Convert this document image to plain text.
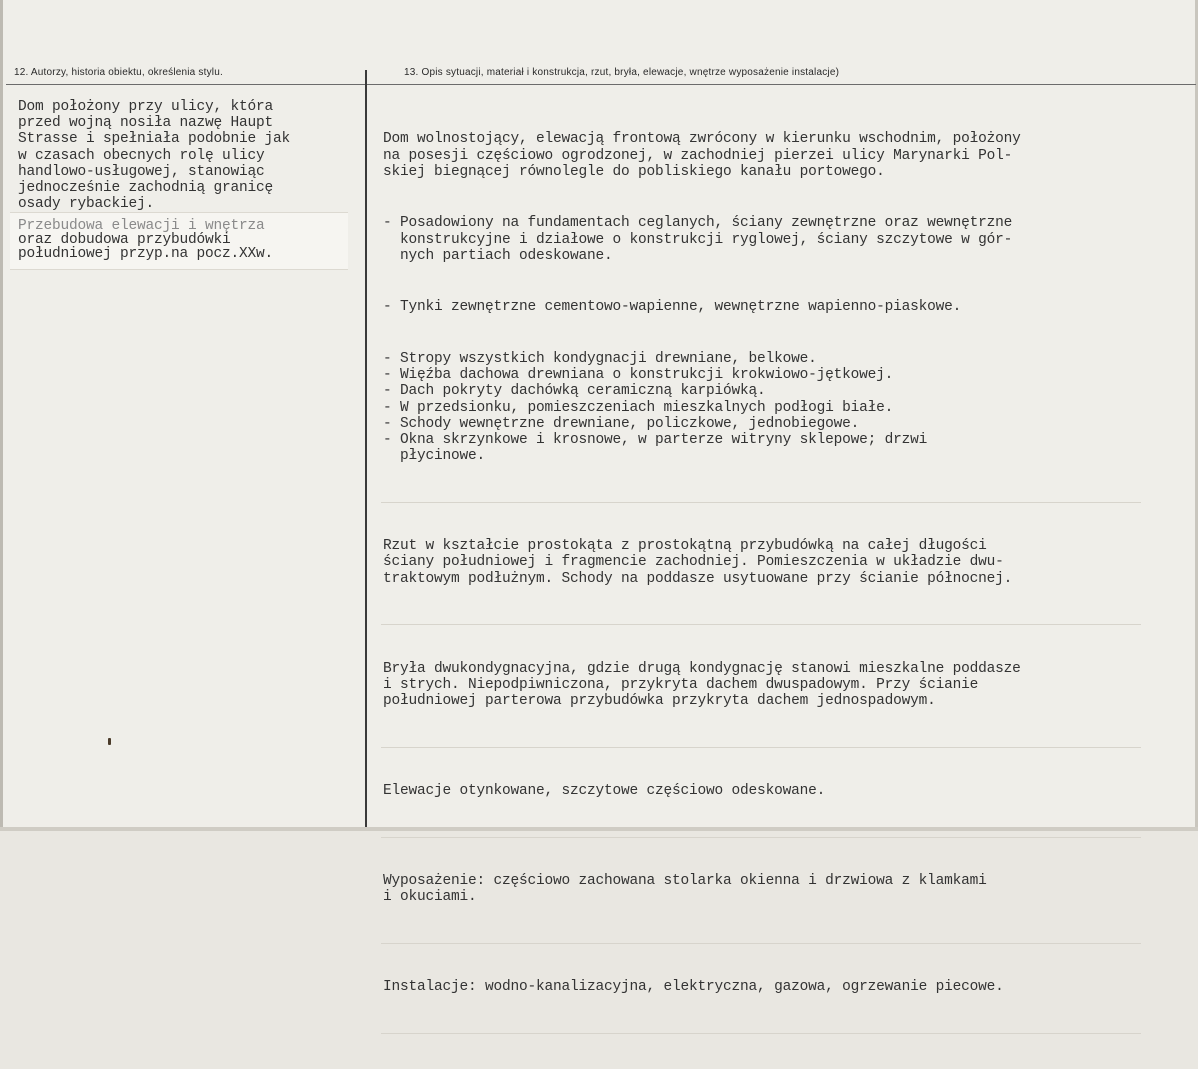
12. Autorzy, historia obiektu, określenia stylu.	13. Opis sytuacji, materiał i konstrukcja, rzut, bryła, elewacje, wnętrze wyposażenie instalacje)
Dom położony przy ulicy, która
przed wojną nosiła nazwę Haupt
Strasse i spełniała podobnie jak
w czasach obecnych rolę ulicy
handlowo-usługowej, stanowiąc
jednocześnie zachodnią granicę
osady rybackiej.
Przebudowa elewacji i wnętrza
oraz dobudowa przybudówki
południowej przyp.na pocz.XXw.

Dom wolnostojący, elewacją frontową zwrócony w kierunku wschodnim, położony
na posesji częściowo ogrodzonej, w zachodniej pierzei ulicy Marynarki Pol-
skiej biegnącej równolegle do pobliskiego kanału portowego.

- Posadowiony na fundamentach ceglanych, ściany zewnętrzne oraz wewnętrzne
konstrukcyjne i działowe o konstrukcji ryglowej, ściany szczytowe w gór-
nych partiach odeskowane.

- Tynki zewnętrzne cementowo-wapienne, wewnętrzne wapienno-piaskowe.

- Stropy wszystkich kondygnacji drewniane, belkowe.
- Więźba dachowa drewniana o konstrukcji krokwiowo-jętkowej.
- Dach pokryty dachówką ceramiczną karpiówką.
- W przedsionku, pomieszczeniach mieszkalnych podłogi białe.
- Schody wewnętrzne drewniane, policzkowe, jednobiegowe.
- Okna skrzynkowe i krosnowe, w parterze witryny sklepowe; drzwi
płycinowe.

Rzut w kształcie prostokąta z prostokątną przybudówką na całej długości
ściany południowej i fragmencie zachodniej. Pomieszczenia w układzie dwu-
traktowym podłużnym. Schody na poddasze usytuowane przy ścianie północnej.

Bryła dwukondygnacyjna, gdzie drugą kondygnację stanowi mieszkalne poddasze
i strych. Niepodpiwniczona, przykryta dachem dwuspadowym. Przy ścianie
południowej parterowa przybudówka przykryta dachem jednospadowym.

Elewacje otynkowane, szczytowe częściowo odeskowane.

Wyposażenie: częściowo zachowana stolarka okienna i drzwiowa z klamkami
i okuciami.

Instalacje: wodno-kanalizacyjna, elektryczna, gazowa, ogrzewanie piecowe.
